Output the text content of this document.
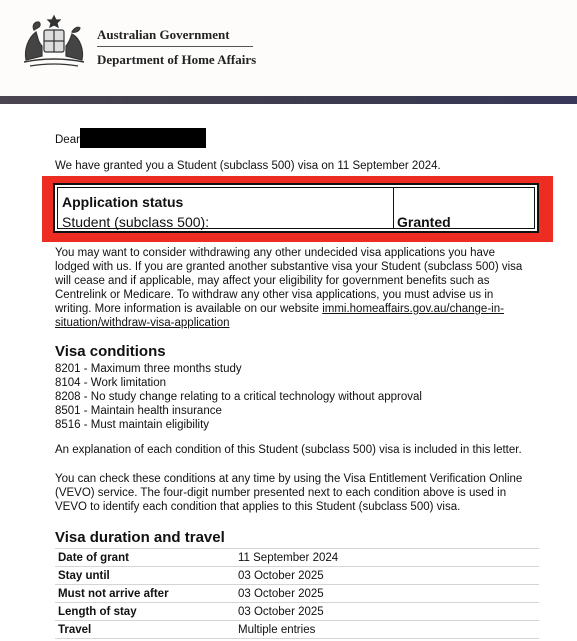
Australian Government
Department of Home Affairs
Dear
We have granted you a Student (subclass 500) visa on 11 September 2024.
Application status
Student (subclass 500):	Granted
You may want to consider withdrawing any other undecided visa applications you have lodged with us. If you are granted another substantive visa your Student (subclass 500) visa will cease and if applicable, may affect your eligibility for government benefits such as Centrelink or Medicare. To withdraw any other visa applications, you must advise us in writing. More information is available on our website immi.homeaffairs.gov.au/change-in-situation/withdraw-visa-application
Visa conditions
8201 - Maximum three months study
8104 - Work limitation
8208 - No study change relating to a critical technology without approval
8501 - Maintain health insurance
8516 - Must maintain eligibility
An explanation of each condition of this Student (subclass 500) visa is included in this letter.
You can check these conditions at any time by using the Visa Entitlement Verification Online (VEVO) service. The four-digit number presented next to each condition above is used in VEVO to identify each condition that applies to this Student (subclass 500) visa.
Visa duration and travel
Date of grant	11 September 2024
Stay until	03 October 2025
Must not arrive after	03 October 2025
Length of stay	03 October 2025
Travel	Multiple entries
